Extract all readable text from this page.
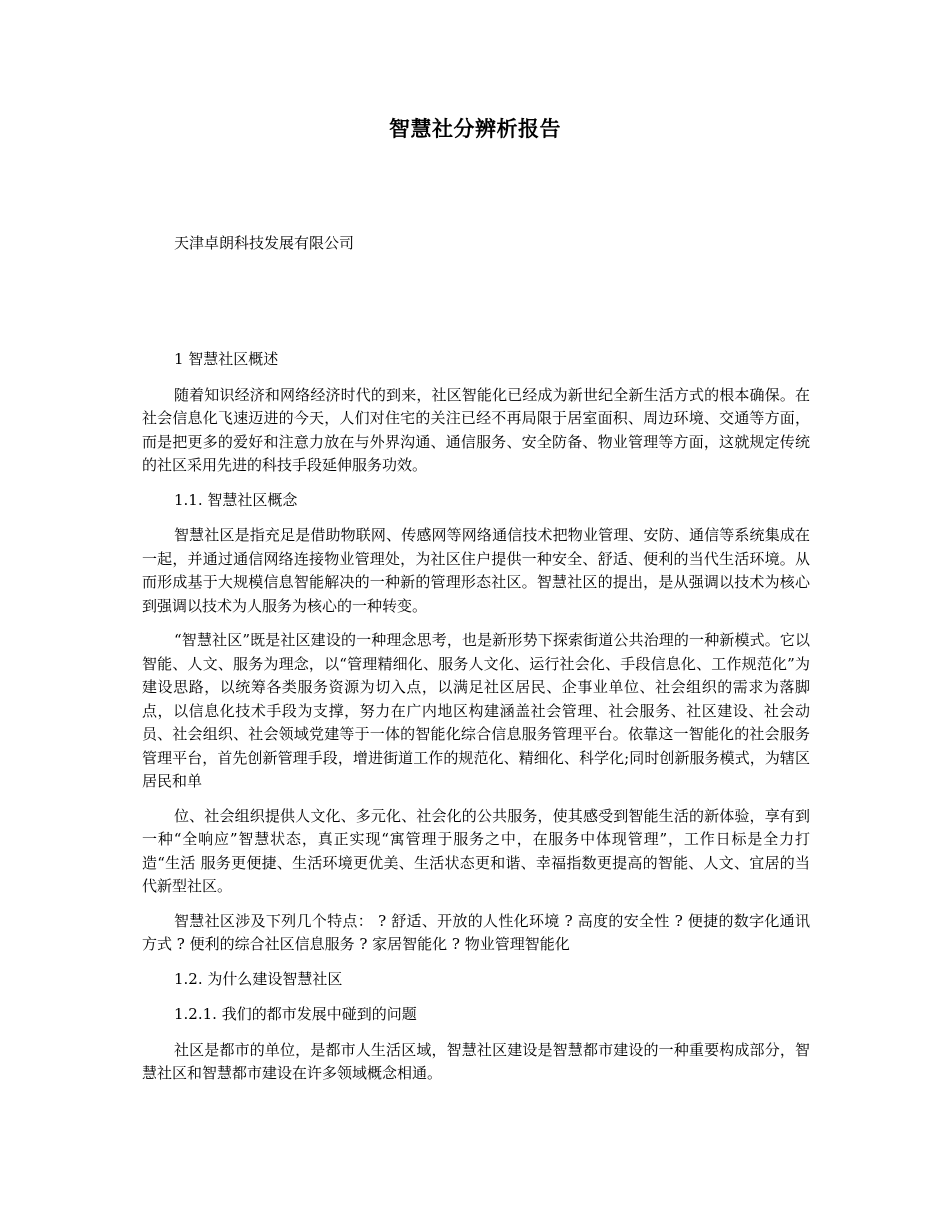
智慧社分辨析报告
天津卓朗科技发展有限公司
1 智慧社区概述

随着知识经济和网络经济时代的到来，社区智能化已经成为新世纪全新生活方式的根本确保。在社会信息化飞速迈进的今天，人们对住宅的关注已经不再局限于居室面积、周边环境、交通等方面，而是把更多的爱好和注意力放在与外界沟通、通信服务、安全防备、物业管理等方面，这就规定传统的社区采用先进的科技手段延伸服务功效。

1.1. 智慧社区概念

智慧社区是指充足是借助物联网、传感网等网络通信技术把物业管理、安防、通信等系统集成在一起，并通过通信网络连接物业管理处，为社区住户提供一种安全、舒适、便利的当代生活环境。从而形成基于大规模信息智能解决的一种新的管理形态社区。智慧社区的提出，是从强调以技术为核心到强调以技术为人服务为核心的一种转变。

“智慧社区”既是社区建设的一种理念思考，也是新形势下探索街道公共治理的一种新模式。它以智能、人文、服务为理念，以“管理精细化、服务人文化、运行社会化、手段信息化、工作规范化”为建设思路，以统筹各类服务资源为切入点，以满足社区居民、企事业单位、社会组织的需求为落脚点，以信息化技术手段为支撑，努力在广内地区构建涵盖社会管理、社会服务、社区建设、社会动员、社会组织、社会领域党建等于一体的智能化综合信息服务管理平台。依靠这一智能化的社会服务管理平台，首先创新管理手段，增进街道工作的规范化、精细化、科学化;同时创新服务模式，为辖区居民和单

位、社会组织提供人文化、多元化、社会化的公共服务，使其感受到智能生活的新体验，享有到一种“全响应”智慧状态，真正实现“寓管理于服务之中，在服务中体现管理”，工作日标是全力打造“生活 服务更便捷、生活环境更优美、生活状态更和谐、幸福指数更提高的智能、人文、宜居的当代新型社区。

智慧社区涉及下列几个特点： ? 舒适、开放的人性化环境 ? 高度的安全性 ? 便捷的数字化通讯方式 ? 便利的综合社区信息服务 ? 家居智能化 ? 物业管理智能化

1.2. 为什么建设智慧社区
1.2.1. 我们的都市发展中碰到的问题

社区是都市的单位，是都市人生活区域，智慧社区建设是智慧都市建设的一种重要构成部分，智慧社区和智慧都市建设在许多领域概念相通。
